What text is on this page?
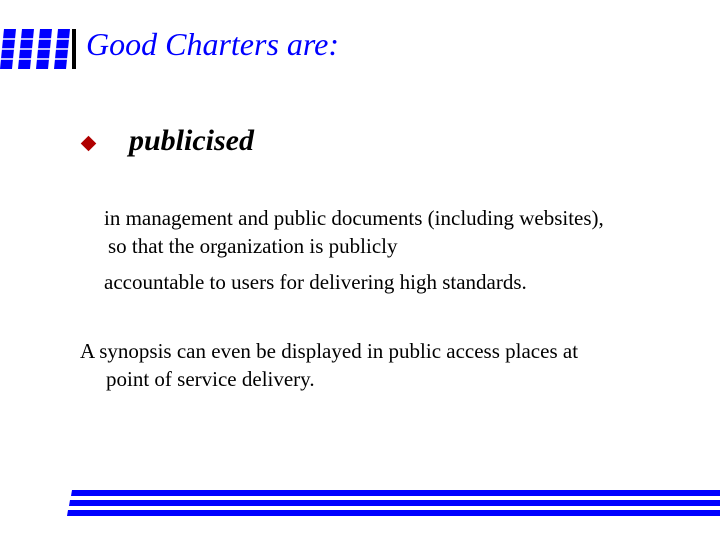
Good Charters are:
publicised
in management and public documents (including websites),
so that the organization is publicly
accountable to users for delivering high standards.
A synopsis can even be displayed in public access places at
point of service delivery.
